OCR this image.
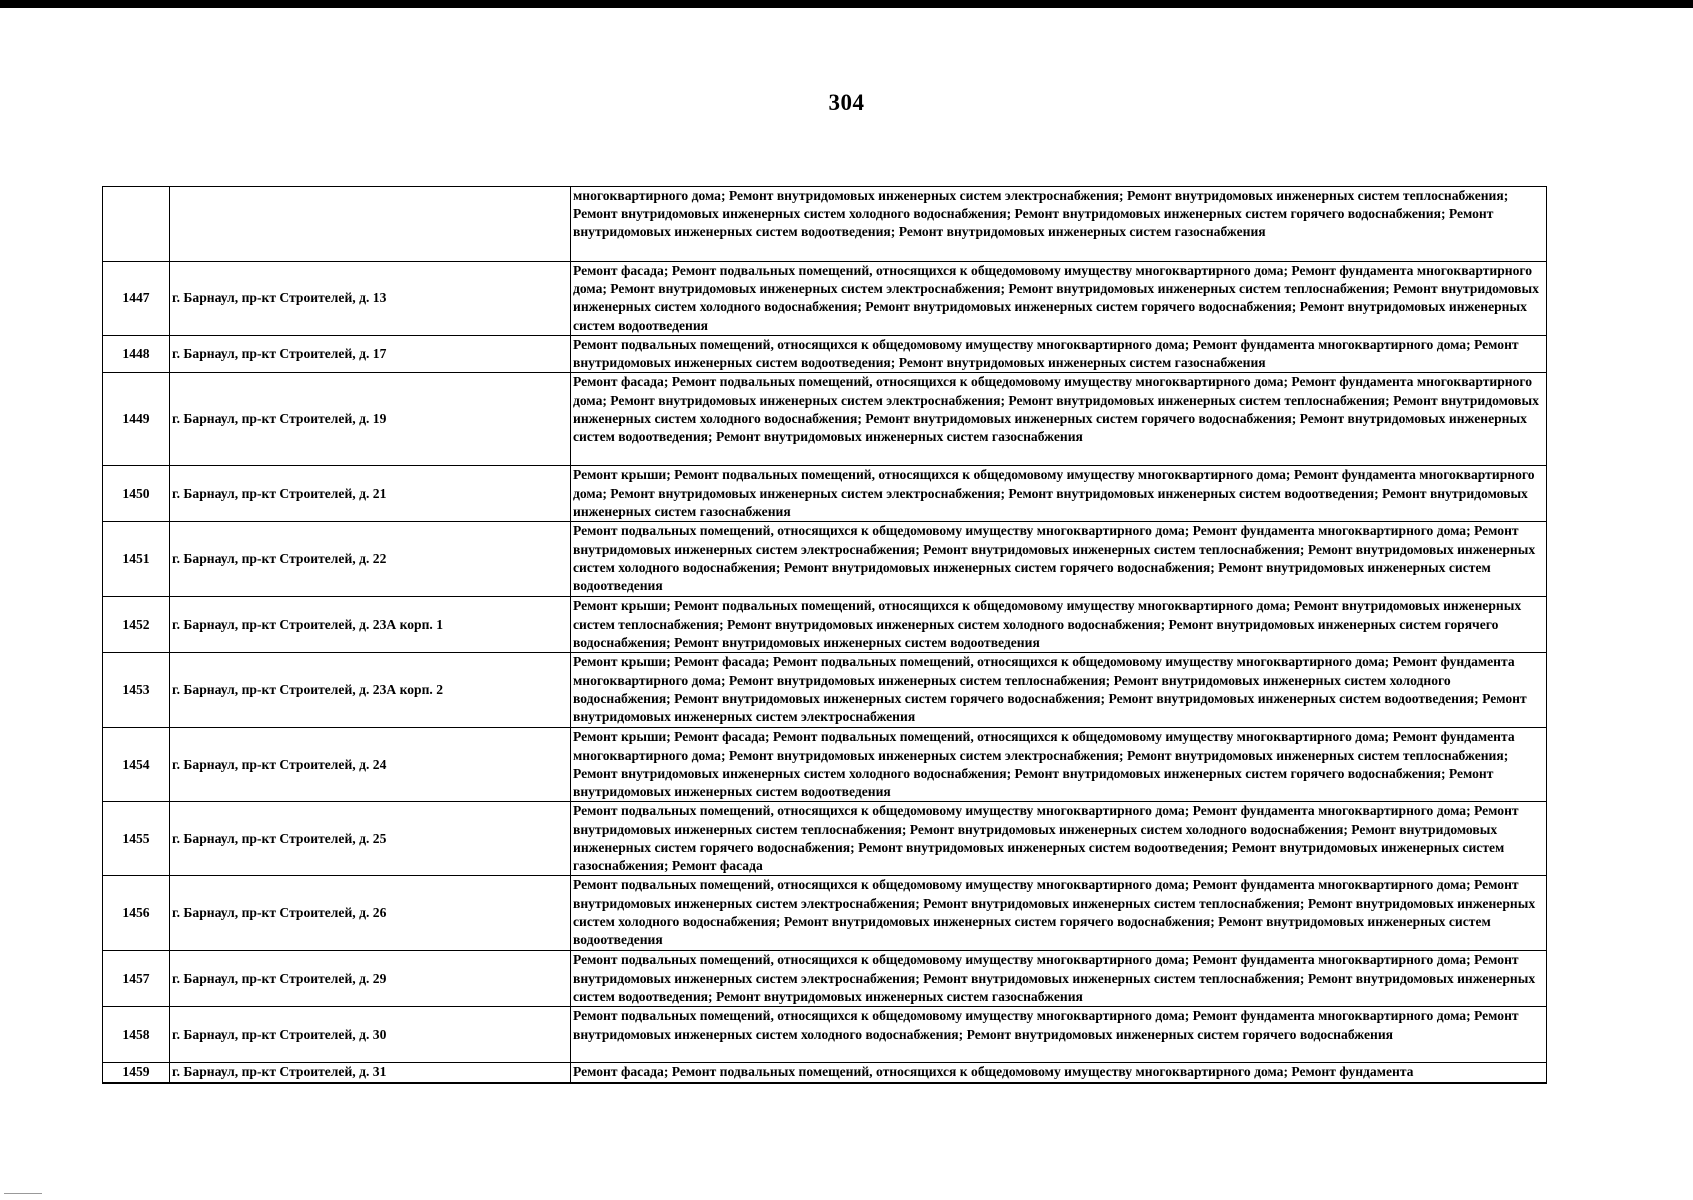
304
		многоквартирного дома; Ремонт внутридомовых инженерных систем электроснабжения; Ремонт внутридомовых инженерных систем теплоснабжения; Ремонт внутридомовых инженерных систем холодного водоснабжения; Ремонт внутридомовых инженерных систем горячего водоснабжения; Ремонт внутридомовых инженерных систем водоотведения; Ремонт внутридомовых инженерных систем газоснабжения
1447	г. Барнаул, пр-кт Строителей, д. 13	Ремонт фасада; Ремонт подвальных помещений, относящихся к общедомовому имуществу многоквартирного дома; Ремонт фундамента многоквартирного дома; Ремонт внутридомовых инженерных систем электроснабжения; Ремонт внутридомовых инженерных систем теплоснабжения; Ремонт внутридомовых инженерных систем холодного водоснабжения; Ремонт внутридомовых инженерных систем горячего водоснабжения; Ремонт внутридомовых инженерных систем водоотведения
1448	г. Барнаул, пр-кт Строителей, д. 17	Ремонт подвальных помещений, относящихся к общедомовому имуществу многоквартирного дома; Ремонт фундамента многоквартирного дома; Ремонт внутридомовых инженерных систем водоотведения; Ремонт внутридомовых инженерных систем газоснабжения
1449	г. Барнаул, пр-кт Строителей, д. 19	Ремонт фасада; Ремонт подвальных помещений, относящихся к общедомовому имуществу многоквартирного дома; Ремонт фундамента многоквартирного дома; Ремонт внутридомовых инженерных систем электроснабжения; Ремонт внутридомовых инженерных систем теплоснабжения; Ремонт внутридомовых инженерных систем холодного водоснабжения; Ремонт внутридомовых инженерных систем горячего водоснабжения; Ремонт внутридомовых инженерных систем водоотведения; Ремонт внутридомовых инженерных систем газоснабжения
1450	г. Барнаул, пр-кт Строителей, д. 21	Ремонт крыши; Ремонт подвальных помещений, относящихся к общедомовому имуществу многоквартирного дома; Ремонт фундамента многоквартирного дома; Ремонт внутридомовых инженерных систем электроснабжения; Ремонт внутридомовых инженерных систем водоотведения; Ремонт внутридомовых инженерных систем газоснабжения
1451	г. Барнаул, пр-кт Строителей, д. 22	Ремонт подвальных помещений, относящихся к общедомовому имуществу многоквартирного дома; Ремонт фундамента многоквартирного дома; Ремонт внутридомовых инженерных систем электроснабжения; Ремонт внутридомовых инженерных систем теплоснабжения; Ремонт внутридомовых инженерных систем холодного водоснабжения; Ремонт внутридомовых инженерных систем горячего водоснабжения; Ремонт внутридомовых инженерных систем водоотведения
1452	г. Барнаул, пр-кт Строителей, д. 23А корп. 1	Ремонт крыши; Ремонт подвальных помещений, относящихся к общедомовому имуществу многоквартирного дома; Ремонт внутридомовых инженерных систем теплоснабжения; Ремонт внутридомовых инженерных систем холодного водоснабжения; Ремонт внутридомовых инженерных систем горячего водоснабжения; Ремонт внутридомовых инженерных систем водоотведения
1453	г. Барнаул, пр-кт Строителей, д. 23А корп. 2	Ремонт крыши; Ремонт фасада; Ремонт подвальных помещений, относящихся к общедомовому имуществу многоквартирного дома; Ремонт фундамента многоквартирного дома; Ремонт внутридомовых инженерных систем теплоснабжения; Ремонт внутридомовых инженерных систем холодного водоснабжения; Ремонт внутридомовых инженерных систем горячего водоснабжения; Ремонт внутридомовых инженерных систем водоотведения; Ремонт внутридомовых инженерных систем электроснабжения
1454	г. Барнаул, пр-кт Строителей, д. 24	Ремонт крыши; Ремонт фасада; Ремонт подвальных помещений, относящихся к общедомовому имуществу многоквартирного дома; Ремонт фундамента многоквартирного дома; Ремонт внутридомовых инженерных систем электроснабжения; Ремонт внутридомовых инженерных систем теплоснабжения; Ремонт внутридомовых инженерных систем холодного водоснабжения; Ремонт внутридомовых инженерных систем горячего водоснабжения; Ремонт внутридомовых инженерных систем водоотведения
1455	г. Барнаул, пр-кт Строителей, д. 25	Ремонт подвальных помещений, относящихся к общедомовому имуществу многоквартирного дома; Ремонт фундамента многоквартирного дома; Ремонт внутридомовых инженерных систем теплоснабжения; Ремонт внутридомовых инженерных систем холодного водоснабжения; Ремонт внутридомовых инженерных систем горячего водоснабжения; Ремонт внутридомовых инженерных систем водоотведения; Ремонт внутридомовых инженерных систем газоснабжения; Ремонт фасада
1456	г. Барнаул, пр-кт Строителей, д. 26	Ремонт подвальных помещений, относящихся к общедомовому имуществу многоквартирного дома; Ремонт фундамента многоквартирного дома; Ремонт внутридомовых инженерных систем электроснабжения; Ремонт внутридомовых инженерных систем теплоснабжения; Ремонт внутридомовых инженерных систем холодного водоснабжения; Ремонт внутридомовых инженерных систем горячего водоснабжения; Ремонт внутридомовых инженерных систем водоотведения
1457	г. Барнаул, пр-кт Строителей, д. 29	Ремонт подвальных помещений, относящихся к общедомовому имуществу многоквартирного дома; Ремонт фундамента многоквартирного дома; Ремонт внутридомовых инженерных систем электроснабжения; Ремонт внутридомовых инженерных систем теплоснабжения; Ремонт внутридомовых инженерных систем водоотведения; Ремонт внутридомовых инженерных систем газоснабжения
1458	г. Барнаул, пр-кт Строителей, д. 30	Ремонт подвальных помещений, относящихся к общедомовому имуществу многоквартирного дома; Ремонт фундамента многоквартирного дома; Ремонт внутридомовых инженерных систем холодного водоснабжения; Ремонт внутридомовых инженерных систем горячего водоснабжения
1459	г. Барнаул, пр-кт Строителей, д. 31	Ремонт фасада; Ремонт подвальных помещений, относящихся к общедомовому имуществу многоквартирного дома; Ремонт фундамента
